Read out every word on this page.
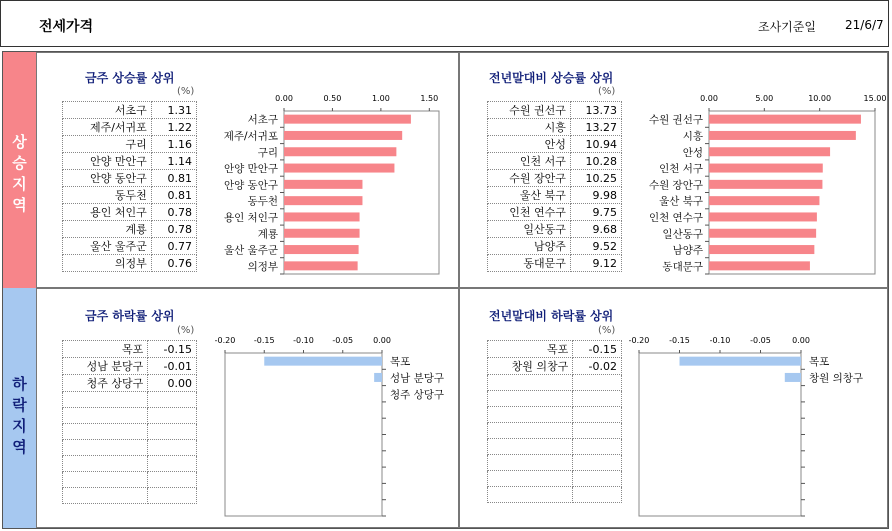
전세가격	조사기준일 21/6/7
상
승
지
역
하
락
지
역
금주 상승률 상위
(%)
서초구	1.31
제주/서귀포	1.22
구리	1.16
안양 만안구	1.14
안양 동안구	0.81
동두천	0.81
용인 처인구	0.78
계룡	0.78
울산 울주군	0.77
의정부	0.76
0.00	0.50	1.00	1.50
서초구
제주/서귀포
구리
안양 만안구
안양 동안구
동두천
용인 처인구
계룡
울산 울주군
의정부
전년말대비 상승률 상위
(%)
수원 권선구	13.73
시흥	13.27
안성	10.94
인천 서구	10.28
수원 장안구	10.25
울산 북구	9.98
인천 연수구	9.75
일산동구	9.68
남양주	9.52
동대문구	9.12
0.00	5.00	10.00	15.00
수원 권선구
시흥
안성
인천 서구
수원 장안구
울산 북구
인천 연수구
일산동구
남양주
동대문구
금주 하락률 상위
(%)
목포	-0.15
성남 분당구	-0.01
청주 상당구	0.00

-0.20 -0.15 -0.10 -0.05 0.00
목포
성남 분당구
청주 상당구
전년말대비 하락률 상위
(%)
목포	-0.15
창원 의창구	-0.02

-0.20 -0.15 -0.10 -0.05	0.00
목포
창원 의창구
